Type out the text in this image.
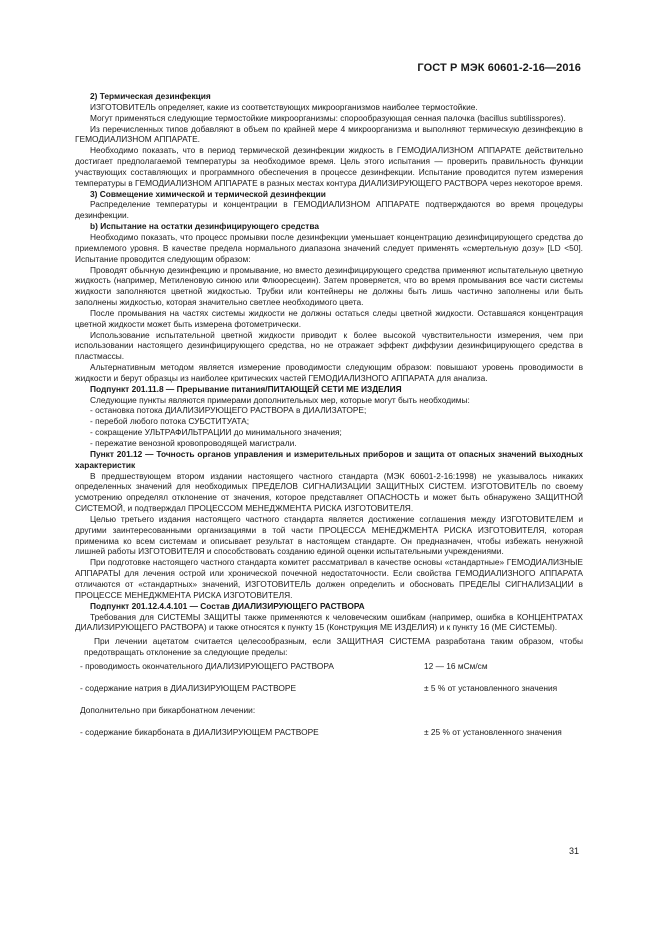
ГОСТ Р МЭК 60601-2-16—2016

2) Термическая дезинфекция

ИЗГОТОВИТЕЛЬ определяет, какие из соответствующих микроорганизмов наиболее термостойкие.

Могут применяться следующие термостойкие микроорганизмы: спорообразующая сенная палочка (bacillus subtilisspores).

Из перечисленных типов добавляют в объем по крайней мере 4 микроорганизма и выполняют термическую дезинфекцию в ГЕМОДИАЛИЗНОМ АППАРАТЕ.

Необходимо показать, что в период термической дезинфекции жидкость в ГЕМОДИАЛИЗНОМ АППАРАТЕ действительно достигает предполагаемой температуры за необходимое время. Цель этого испытания — проверить правильность функции участвующих составляющих и программного обеспечения в процессе дезинфекции. Испытание проводится путем измерения температуры в ГЕМОДИАЛИЗНОМ АППАРАТЕ в разных местах контура ДИАЛИЗИРУЮЩЕГО РАСТВОРА через некоторое время.

3) Совмещение химической и термической дезинфекции

Распределение температуры и концентрации в ГЕМОДИАЛИЗНОМ АППАРАТЕ подтверждаются во время процедуры дезинфекции.

b) Испытание на остатки дезинфицирующего средства

Необходимо показать, что процесс промывки после дезинфекции уменьшает концентрацию дезинфицирующего средства до приемлемого уровня. В качестве предела нормального диапазона значений следует применять «смертельную дозу» [LD <50]. Испытание проводится следующим образом:

Проводят обычную дезинфекцию и промывание, но вместо дезинфицирующего средства применяют испытательную цветную жидкость (например, Метиленовую синюю или Флюоресцеин). Затем проверяется, что во время промывания все части системы жидкости заполняются цветной жидкостью. Трубки или контейнеры не должны быть лишь частично заполнены или быть заполнены жидкостью, которая значительно светлее необходимого цвета.

После промывания на частях системы жидкости не должны остаться следы цветной жидкости. Оставшаяся концентрация цветной жидкости может быть измерена фотометрически.

Использование испытательной цветной жидкости приводит к более высокой чувствительности измерения, чем при использовании настоящего дезинфицирующего средства, но не отражает эффект диффузии дезинфицирующего средства в пластмассы.

Альтернативным методом является измерение проводимости следующим образом: повышают уровень проводимости в жидкости и берут образцы из наиболее критических частей ГЕМОДИАЛИЗНОГО АППАРАТА для анализа.

Подпункт 201.11.8 — Прерывание питания/ПИТАЮЩЕЙ СЕТИ МЕ ИЗДЕЛИЯ

Следующие пункты являются примерами дополнительных мер, которые могут быть необходимы:

- остановка потока ДИАЛИЗИРУЮЩЕГО РАСТВОРА в ДИАЛИЗАТОРЕ;

- перебой любого потока СУБСТИТУАТА;

- сокращение УЛЬТРАФИЛЬТРАЦИИ до минимального значения;

- пережатие венозной кровопроводящей магистрали.

Пункт 201.12 — Точность органов управления и измерительных приборов и защита от опасных значений выходных характеристик

В предшествующем втором издании настоящего частного стандарта (МЭК 60601-2-16:1998) не указывалось никаких определенных значений для необходимых ПРЕДЕЛОВ СИГНАЛИЗАЦИИ ЗАЩИТНЫХ СИСТЕМ. ИЗГОТОВИТЕЛЬ по своему усмотрению определял отклонение от значения, которое представляет ОПАСНОСТЬ и может быть обнаружено ЗАЩИТНОЙ СИСТЕМОЙ, и подтверждал ПРОЦЕССОМ МЕНЕДЖМЕНТА РИСКА ИЗГОТОВИТЕЛЯ.

Целью третьего издания настоящего частного стандарта является достижение соглашения между ИЗГОТОВИТЕЛЕМ и другими заинтересованными организациями в той части ПРОЦЕССА МЕНЕДЖМЕНТА РИСКА ИЗГОТОВИТЕЛЯ, которая применима ко всем системам и описывает результат в настоящем стандарте. Он предназначен, чтобы избежать ненужной лишней работы ИЗГОТОВИТЕЛЯ и способствовать созданию единой оценки испытательными учреждениями.

При подготовке настоящего частного стандарта комитет рассматривал в качестве основы «стандартные» ГЕМОДИАЛИЗНЫЕ АППАРАТЫ для лечения острой или хронической почечной недостаточности. Если свойства ГЕМОДИАЛИЗНОГО АППАРАТА отличаются от «стандартных» значений, ИЗГОТОВИТЕЛЬ должен определить и обосновать ПРЕДЕЛЫ СИГНАЛИЗАЦИИ в ПРОЦЕССЕ МЕНЕДЖМЕНТА РИСКА ИЗГОТОВИТЕЛЯ.

Подпункт 201.12.4.4.101 — Состав ДИАЛИЗИРУЮЩЕГО РАСТВОРА

Требования для СИСТЕМЫ ЗАЩИТЫ также применяются к человеческим ошибкам (например, ошибка в КОНЦЕНТРАТАХ ДИАЛИЗИРУЮЩЕГО РАСТВОРА) и также относятся к пункту 15 (Конструкция МЕ ИЗДЕЛИЯ) и к пункту 16 (МЕ СИСТЕМЫ).

При лечении ацетатом считается целесообразным, если ЗАЩИТНАЯ СИСТЕМА разработана таким образом, чтобы предотвращать отклонение за следующие пределы:

- проводимость окончательного ДИАЛИЗИРУЮЩЕГО РАСТВОРА	12 — 16 мСм/см
- содержание натрия в ДИАЛИЗИРУЮЩЕМ РАСТВОРЕ	± 5 % от установленного значения
Дополнительно при бикарбонатном лечении:
- содержание бикарбоната в ДИАЛИЗИРУЮЩЕМ РАСТВОРЕ	± 25 % от установленного значения
31
